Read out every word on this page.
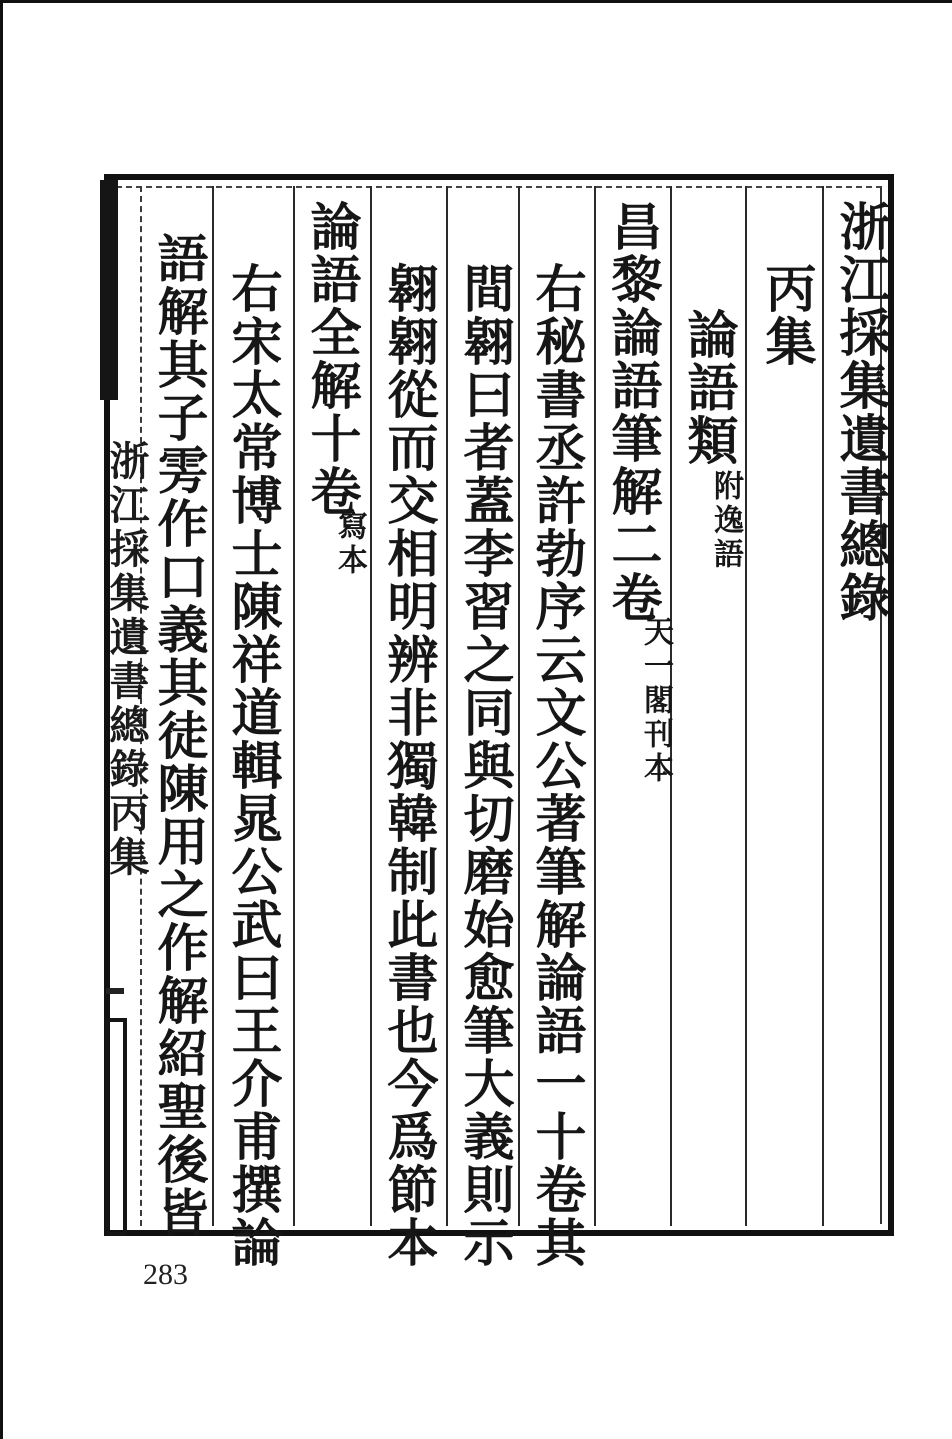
浙江採集遺書總錄
丙集
論語類
附逸語
昌黎論語筆解二卷
天一閣刊本
右秘書丞許勃序云文公著筆解論語一十卷其
間翱曰者蓋李習之同與切磨始愈筆大義則示
翱翱從而交相明辨非獨韓制此書也今爲節本
論語全解十卷
寫本
右宋太常博士陳祥道輯晁公武曰王介甫撰論
語解其子雱作口義其徒陳用之作解紹聖後皆
浙江採集遺書總錄丙集
283
